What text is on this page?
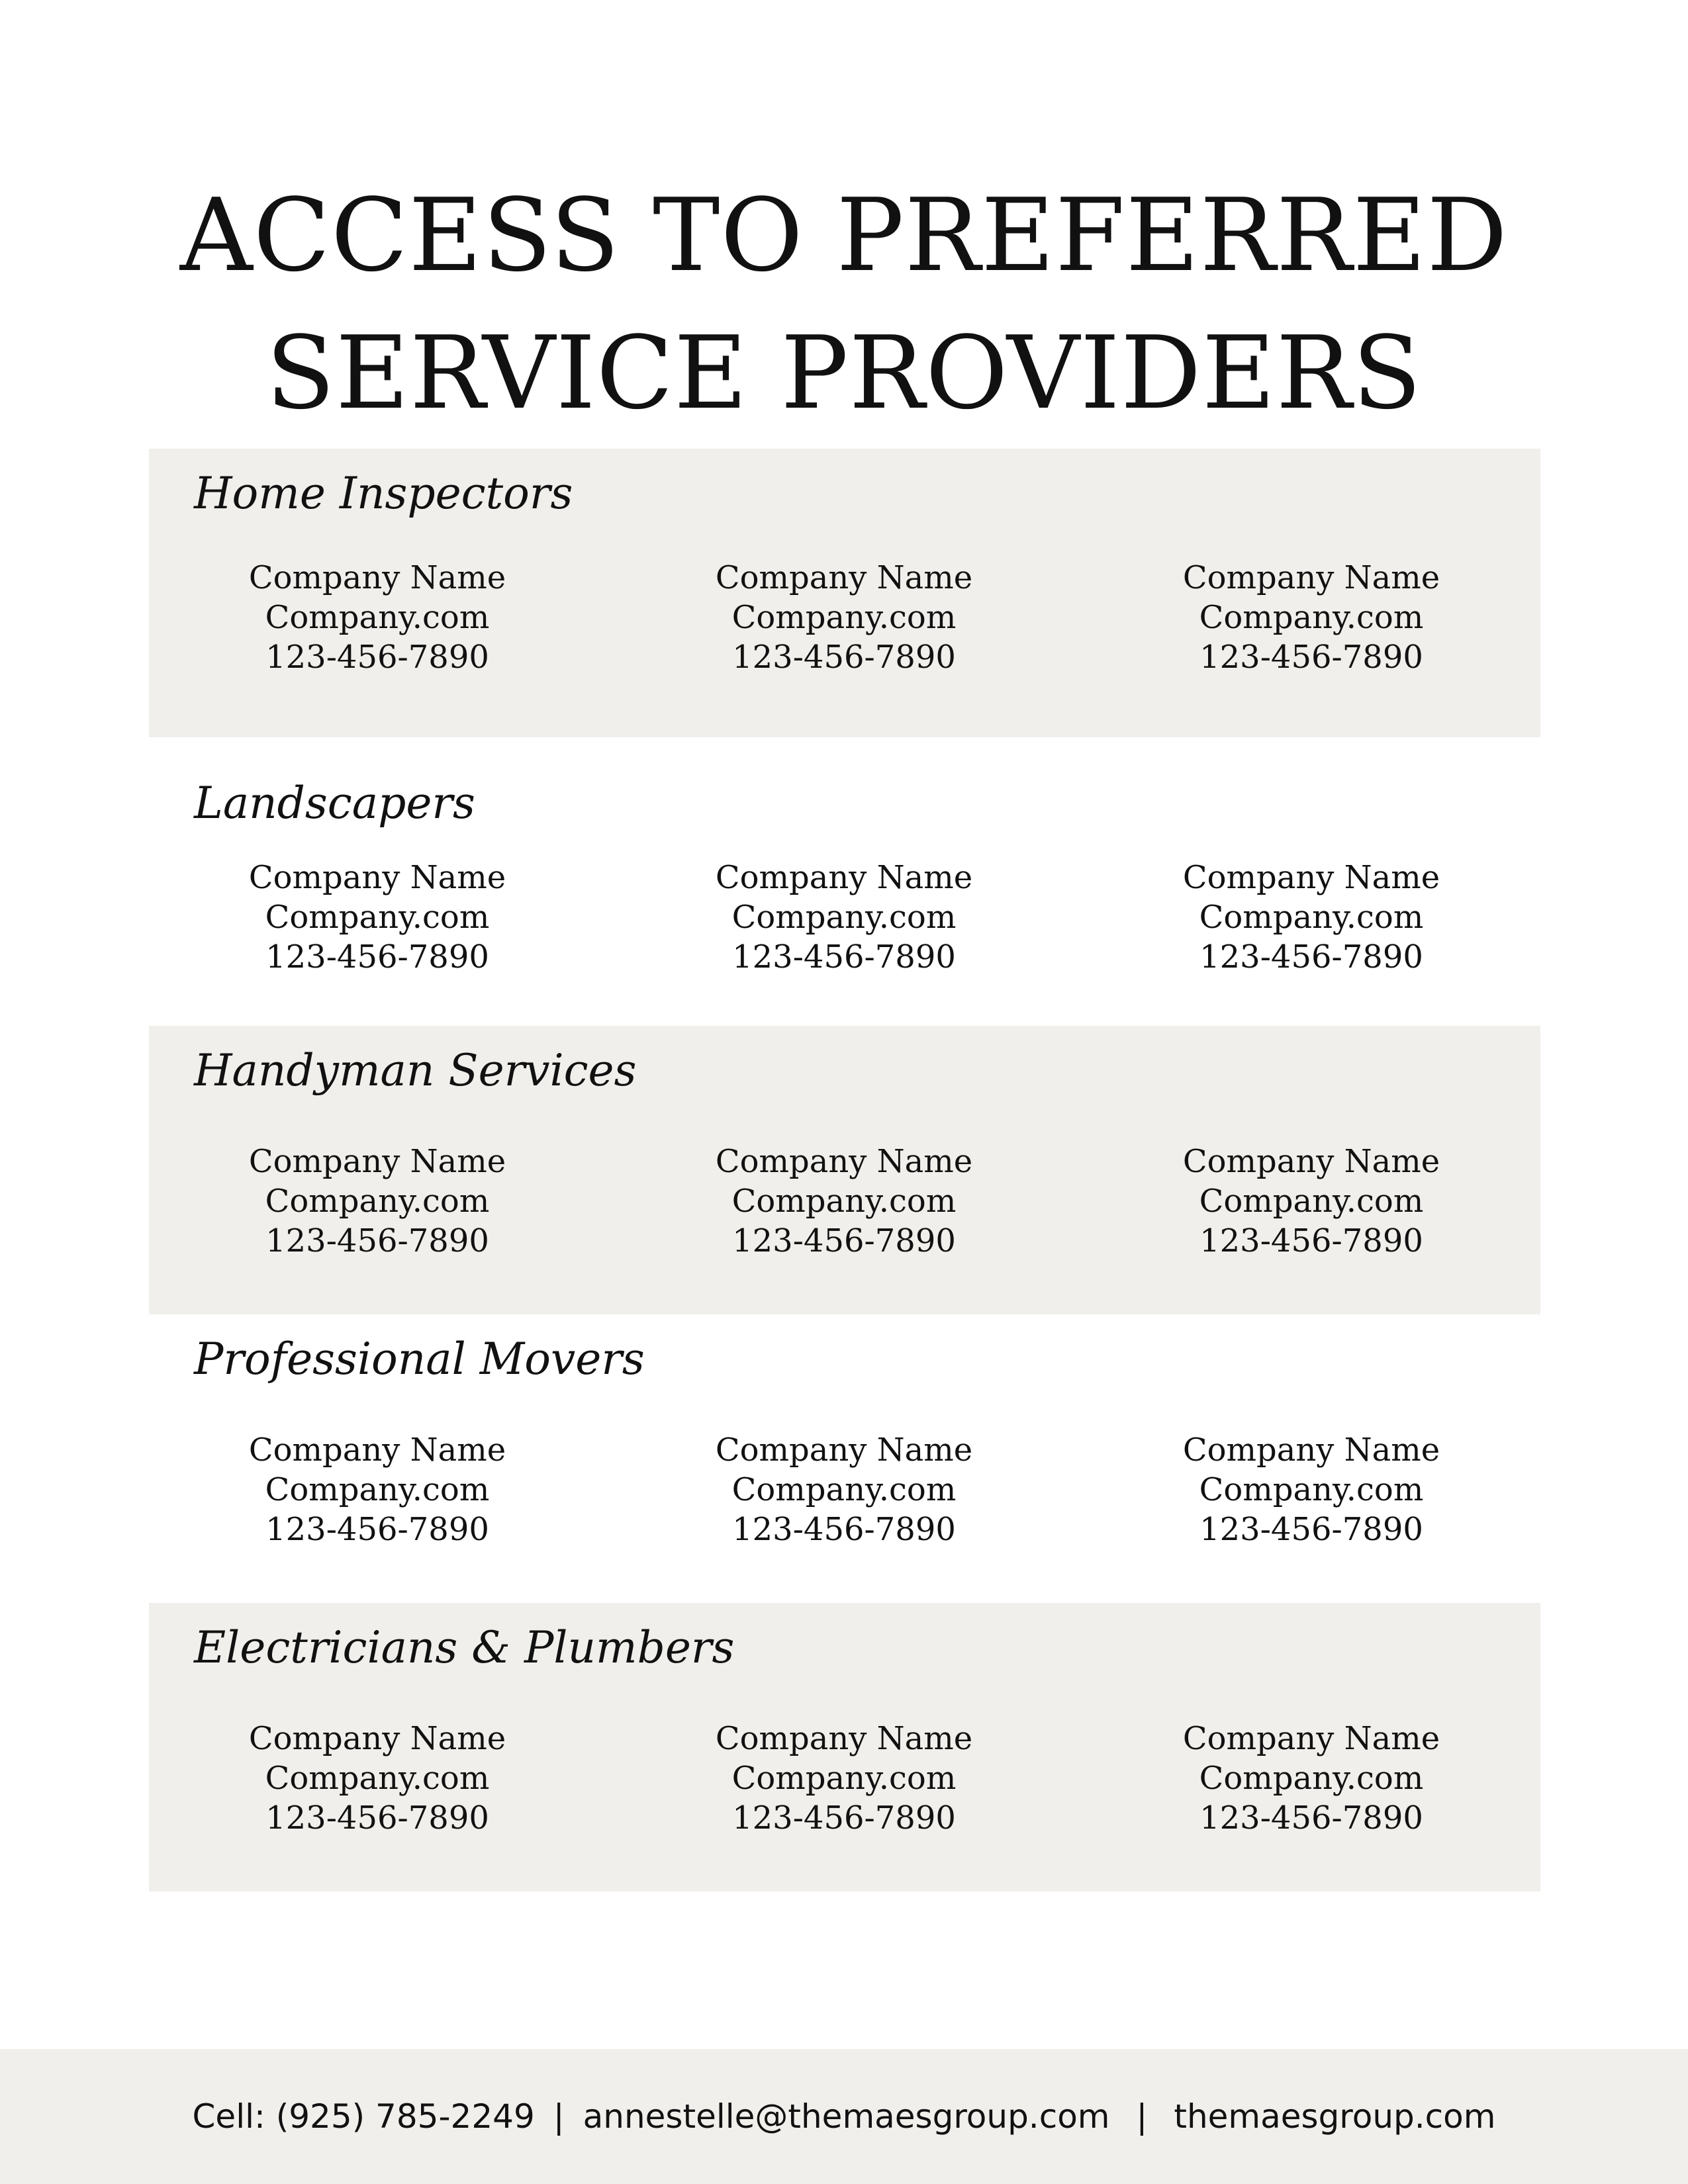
ACCESS TO PREFERRED
SERVICE PROVIDERS
Home Inspectors
Company Name
Company.com
123-456-7890
Company Name
Company.com
123-456-7890
Company Name
Company.com
123-456-7890
Landscapers
Company Name
Company.com
123-456-7890
Company Name
Company.com
123-456-7890
Company Name
Company.com
123-456-7890
Handyman Services
Company Name
Company.com
123-456-7890
Company Name
Company.com
123-456-7890
Company Name
Company.com
123-456-7890
Professional Movers
Company Name
Company.com
123-456-7890
Company Name
Company.com
123-456-7890
Company Name
Company.com
123-456-7890
Electricians & Plumbers
Company Name
Company.com
123-456-7890
Company Name
Company.com
123-456-7890
Company Name
Company.com
123-456-7890
Cell: (925) 785-2249 | annestelle@themaesgroup.com | themaesgroup.com
